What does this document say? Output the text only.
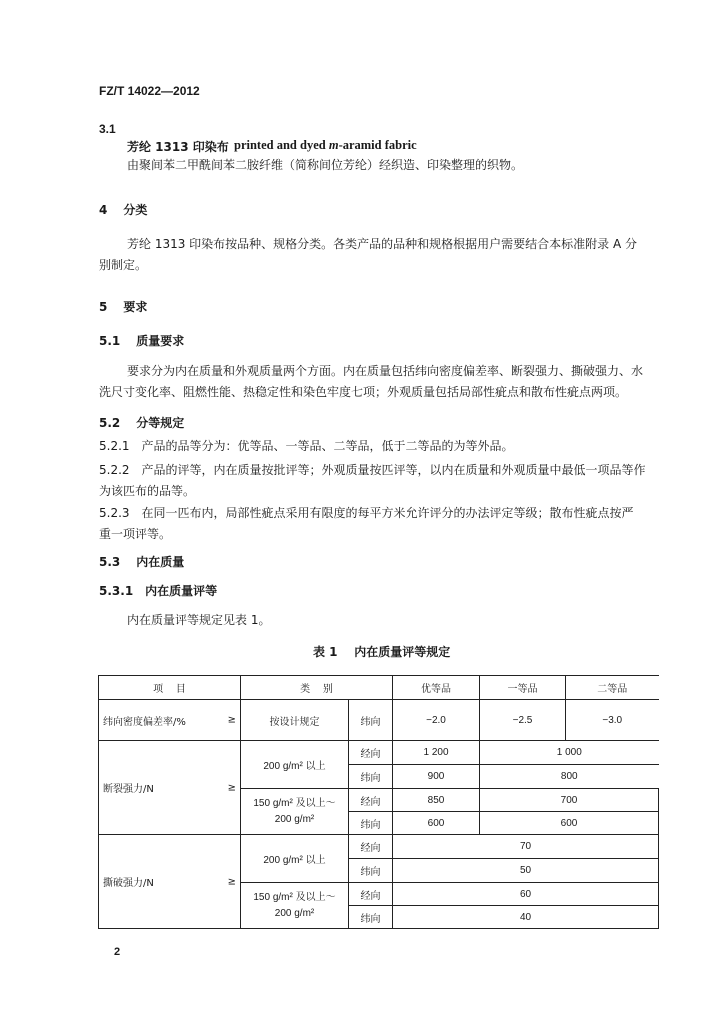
FZ/T 14022—2012
3.1
芳纶 1313 印染布 printed and dyed m-aramid fabric
由聚间苯二甲酰间苯二胺纤维（简称间位芳纶）经织造、印染整理的织物。
4 分类
芳纶 1313 印染布按品种、规格分类。各类产品的品种和规格根据用户需要结合本标准附录 A 分
别制定。
5 要求
5.1 质量要求
要求分为内在质量和外观质量两个方面。内在质量包括纬向密度偏差率、断裂强力、撕破强力、水
洗尺寸变化率、阻燃性能、热稳定性和染色牢度七项；外观质量包括局部性疵点和散布性疵点两项。
5.2 分等规定
5.2.1 产品的品等分为：优等品、一等品、二等品，低于二等品的为等外品。
5.2.2 产品的评等，内在质量按批评等；外观质量按匹评等，以内在质量和外观质量中最低一项品等作
为该匹布的品等。
5.2.3 在同一匹布内，局部性疵点采用有限度的每平方米允许评分的办法评定等级；散布性疵点按严
重一项评等。
5.3 内在质量
5.3.1 内在质量评等
内在质量评等规定见表 1。
表 1    内在质量评等规定
项    目	类    别		优等品	一等品	二等品
纬向密度偏差率/% ≥	按设计规定	纬向	−2.0	−2.5	−3.0
断裂强力/N ≥	200 g/m² 以上	经向	1 200	1 000	
		纬向	900	800	

	150 g/m² 及以上～
200 g/m²	经向	850	700	
		纬向	600	600	
撕破强力/N ≥	200 g/m² 以上	经向	70		
		纬向	50		

	150 g/m² 及以上～
200 g/m²	经向	60		
		纬向	40		
2
